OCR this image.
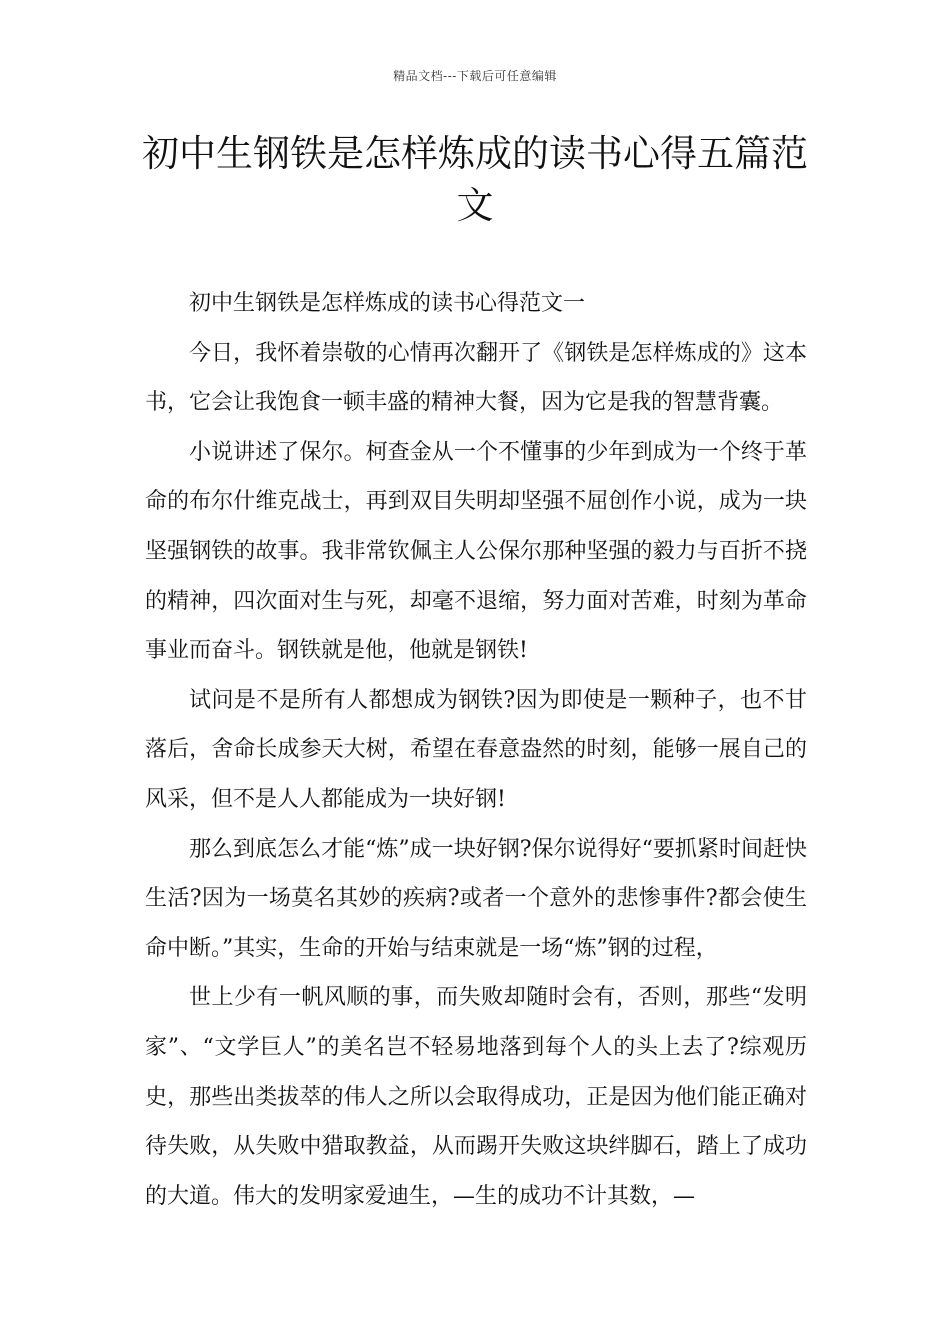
精品文档---下载后可任意编辑
初中生钢铁是怎样炼成的读书心得五篇范文

初中生钢铁是怎样炼成的读书心得范文一

今日，我怀着崇敬的心情再次翻开了《钢铁是怎样炼成的》这本书，它会让我饱食一顿丰盛的精神大餐，因为它是我的智慧背囊。

小说讲述了保尔。柯查金从一个不懂事的少年到成为一个终于革命的布尔什维克战士，再到双目失明却坚强不屈创作小说，成为一块坚强钢铁的故事。我非常钦佩主人公保尔那种坚强的毅力与百折不挠的精神，四次面对生与死，却毫不退缩，努力面对苦难，时刻为革命事业而奋斗。钢铁就是他，他就是钢铁!

试问是不是所有人都想成为钢铁?因为即使是一颗种子，也不甘落后，舍命长成参天大树，希望在春意盎然的时刻，能够一展自己的风采，但不是人人都能成为一块好钢!

那么到底怎么才能“炼”成一块好钢?保尔说得好“要抓紧时间赶快生活?因为一场莫名其妙的疾病?或者一个意外的悲惨事件?都会使生命中断。”其实，生命的开始与结束就是一场“炼”钢的过程，

世上少有一帆风顺的事，而失败却随时会有，否则，那些“发明家”、“文学巨人”的美名岂不轻易地落到每个人的头上去了?综观历史，那些出类拔萃的伟人之所以会取得成功，正是因为他们能正确对待失败，从失败中猎取教益，从而踢开失败这块绊脚石，踏上了成功的大道。伟大的发明家爱迪生，—生的成功不计其数，—
